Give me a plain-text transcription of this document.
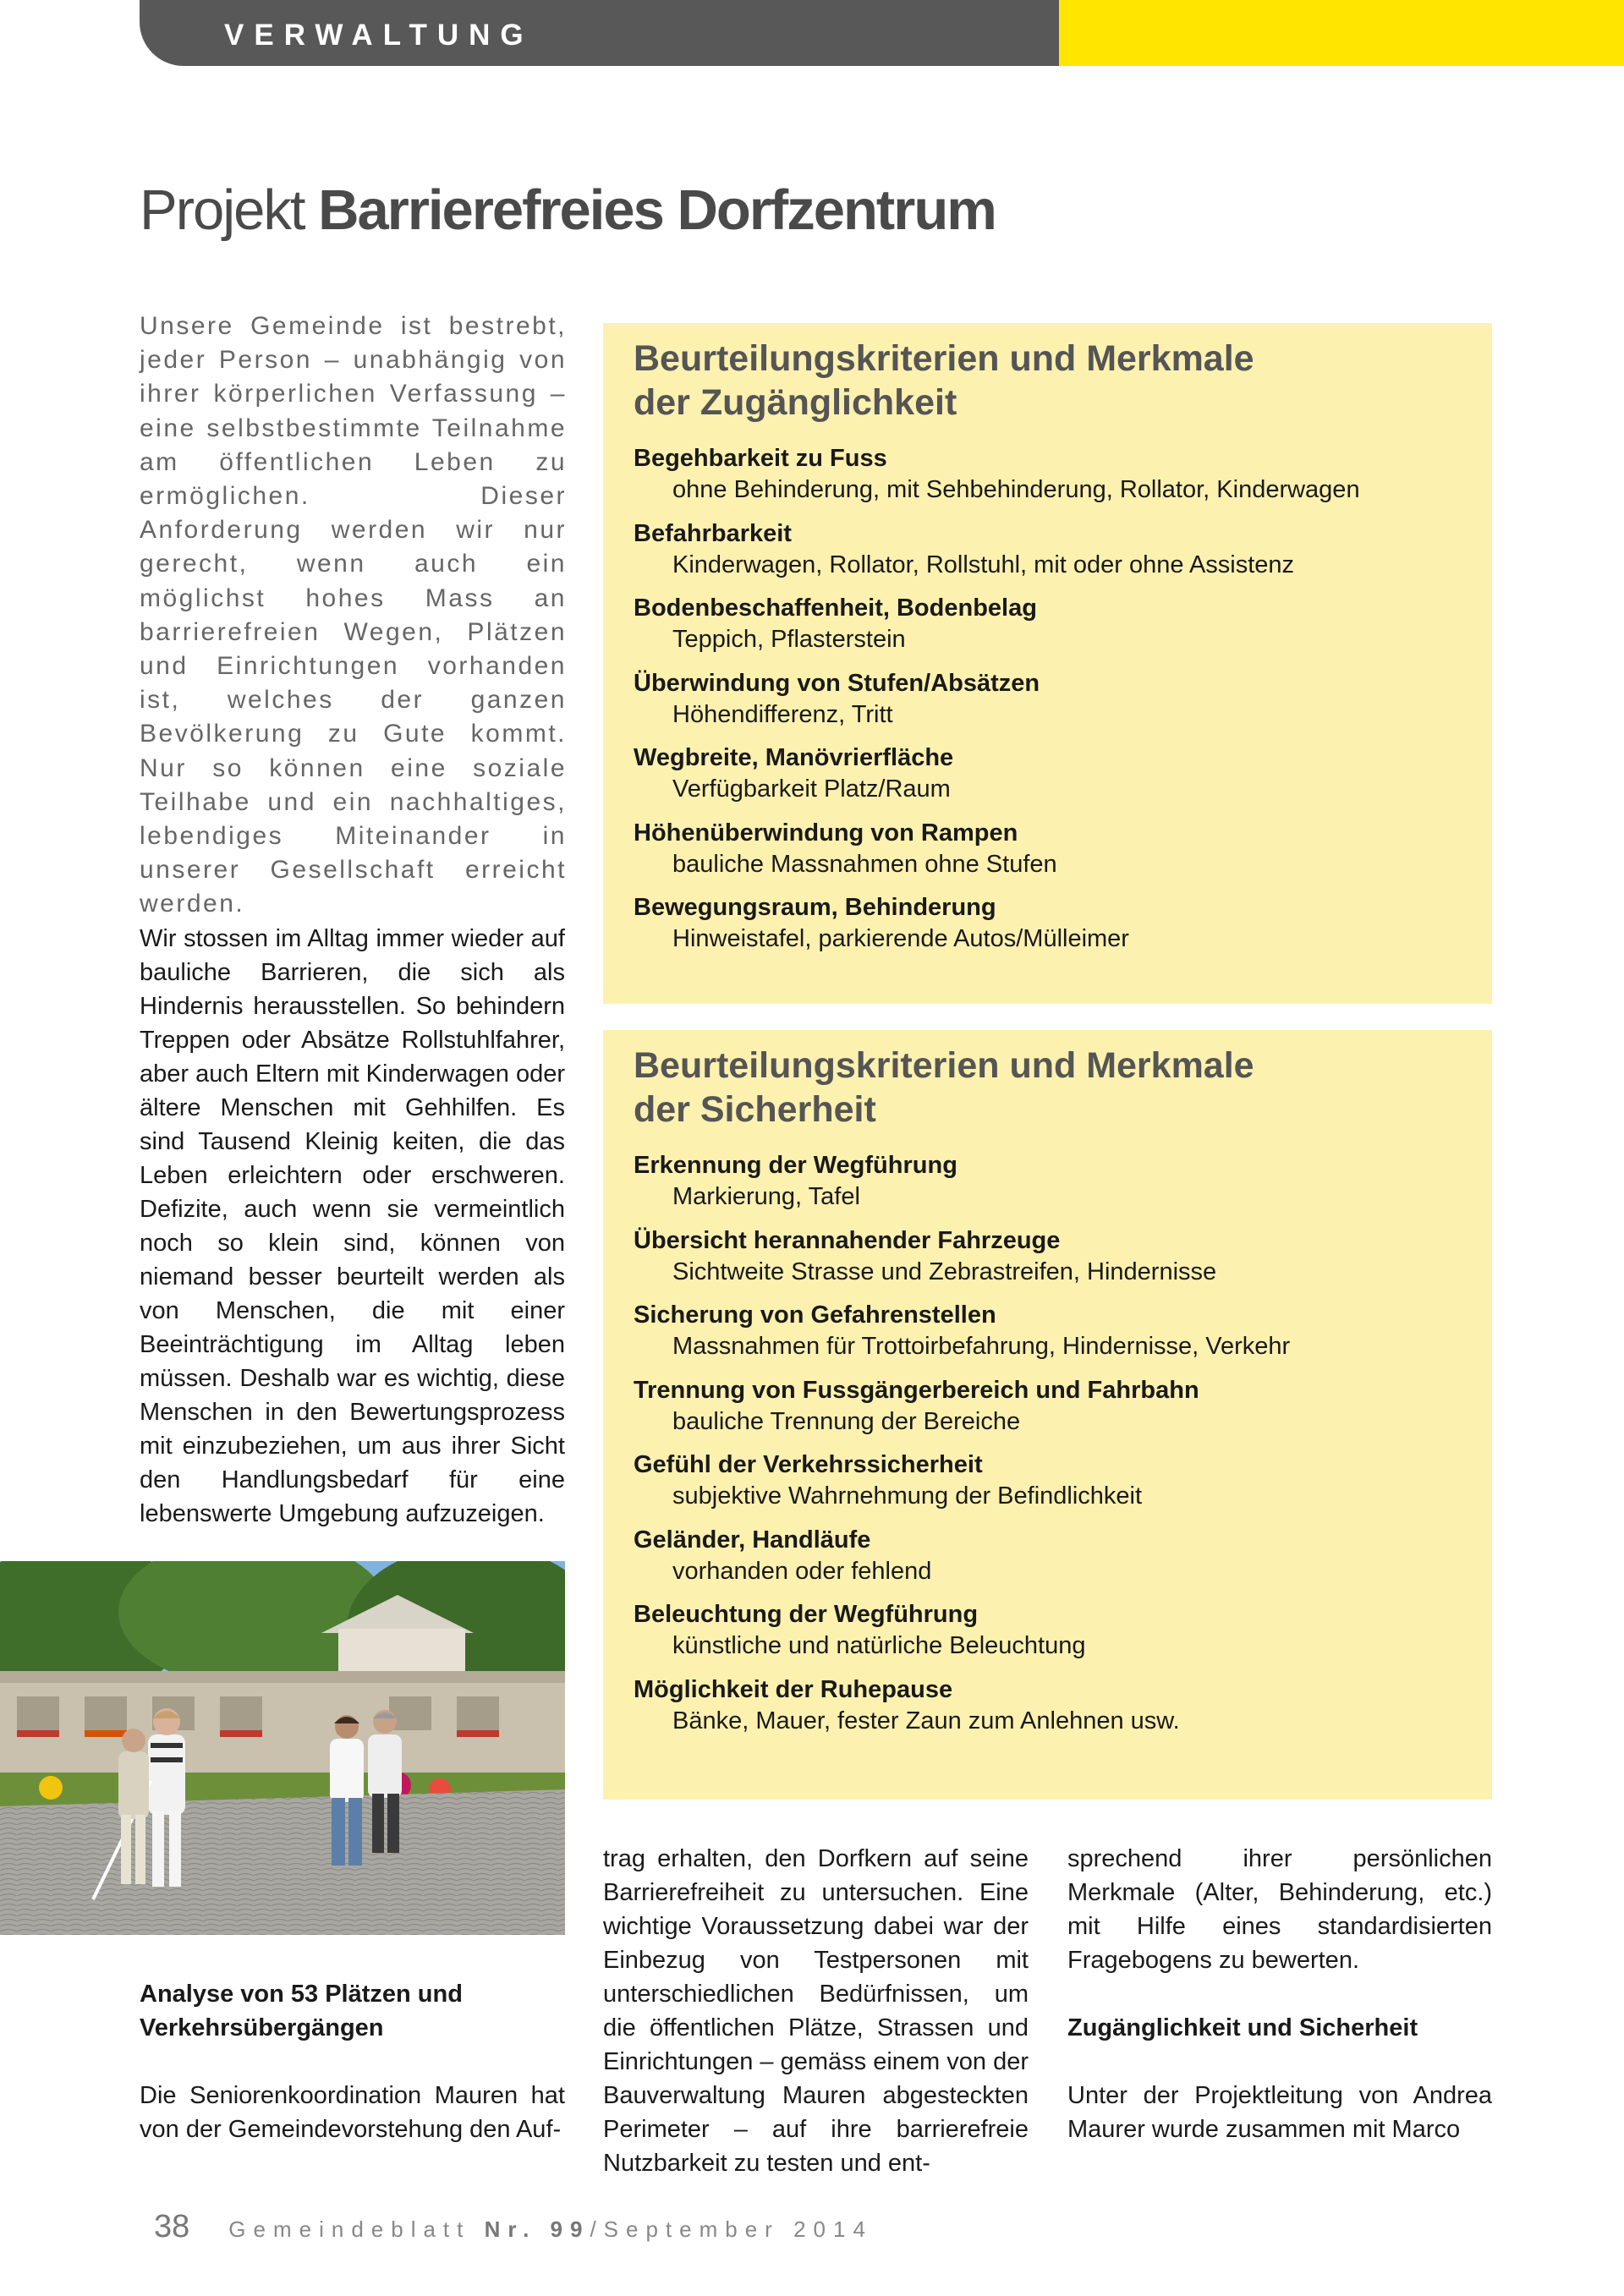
VERWALTUNG
Projekt Barrierefreies Dorfzentrum

Unsere Gemeinde ist bestrebt, jeder Person – unabhängig von ihrer körperlichen Verfassung – eine selbstbestimmte Teilnahme am öffentlichen Leben zu ermöglichen. Dieser Anforderung werden wir nur gerecht, wenn auch ein möglichst hohes Mass an barrierefreien Wegen, Plätzen und Einrichtungen vorhanden ist, welches der ganzen Bevölkerung zu Gute kommt. Nur so können eine soziale Teilhabe und ein nachhaltiges, lebendiges Miteinander in unserer Gesellschaft erreicht werden.

Wir stossen im Alltag immer wieder auf bauliche Barrieren, die sich als Hindernis herausstellen. So behindern Treppen oder Absätze Rollstuhlfahrer, aber auch Eltern mit Kinderwagen oder ältere Menschen mit Gehhilfen. Es sind Tausend Kleinig keiten, die das Leben erleichtern oder erschweren. Defizite, auch wenn sie vermeintlich noch so klein sind, können von niemand besser beurteilt werden als von Menschen, die mit einer Beeinträchtigung im Alltag leben müssen. Deshalb war es wichtig, diese Menschen in den Bewertungsprozess mit einzubeziehen, um aus ihrer Sicht den Handlungsbedarf für eine lebenswerte Umgebung aufzuzeigen.

Beurteilungskriterien und Merkmale
der Zugänglichkeit
Begehbarkeit zu Fuss
ohne Behinderung, mit Sehbehinderung, Rollator, Kinderwagen
Befahrbarkeit
Kinderwagen, Rollator, Rollstuhl, mit oder ohne Assistenz
Bodenbeschaffenheit, Bodenbelag
Teppich, Pflasterstein
Überwindung von Stufen/Absätzen
Höhendifferenz, Tritt
Wegbreite, Manövrierfläche
Verfügbarkeit Platz/Raum
Höhenüberwindung von Rampen
bauliche Massnahmen ohne Stufen
Bewegungsraum, Behinderung
Hinweistafel, parkierende Autos/Mülleimer
Beurteilungskriterien und Merkmale
der Sicherheit
Erkennung der Wegführung
Markierung, Tafel
Übersicht herannahender Fahrzeuge
Sichtweite Strasse und Zebrastreifen, Hindernisse
Sicherung von Gefahrenstellen
Massnahmen für Trottoirbefahrung, Hindernisse, Verkehr
Trennung von Fussgängerbereich und Fahrbahn
bauliche Trennung der Bereiche
Gefühl der Verkehrssicherheit
subjektive Wahrnehmung der Befindlichkeit
Geländer, Handläufe
vorhanden oder fehlend
Beleuchtung der Wegführung
künstliche und natürliche Beleuchtung
Möglichkeit der Ruhepause
Bänke, Mauer, fester Zaun zum Anlehnen usw.
Analyse von 53 Plätzen und Verkehrsübergängen

Die Seniorenkoordination Mauren hat von der Gemeindevorstehung den Auf-

trag erhalten, den Dorfkern auf seine Barrierefreiheit zu untersuchen. Eine wichtige Voraussetzung dabei war der Einbezug von Testpersonen mit unterschiedlichen Bedürfnissen, um die öffentlichen Plätze, Strassen und Einrichtungen – gemäss einem von der Bauverwaltung Mauren abgesteckten Perimeter – auf ihre barrierefreie Nutzbarkeit zu testen und ent-

sprechend ihrer persönlichen Merkmale (Alter, Behinderung, etc.) mit Hilfe eines standardisierten Fragebogens zu bewerten.

Zugänglichkeit und Sicherheit

Unter der Projektleitung von Andrea Maurer wurde zusammen mit Marco

38 Gemeindeblatt Nr. 99/September 2014
